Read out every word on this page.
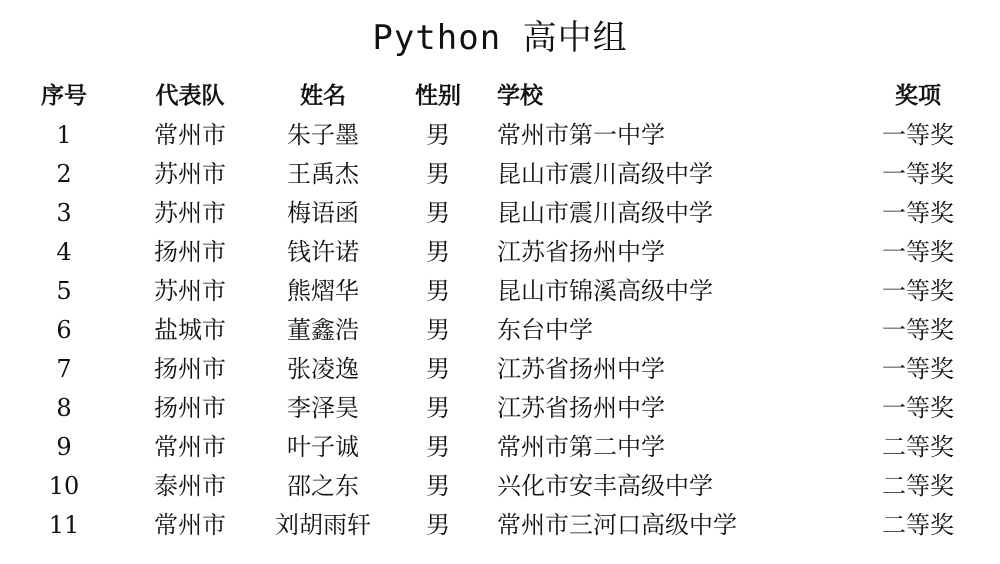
Python 高中组
序号	代表队	姓名	性别	学校	奖项
1	常州市	朱子墨	男	常州市第一中学	一等奖
2	苏州市	王禹杰	男	昆山市震川高级中学	一等奖
3	苏州市	梅语函	男	昆山市震川高级中学	一等奖
4	扬州市	钱许诺	男	江苏省扬州中学	一等奖
5	苏州市	熊熠华	男	昆山市锦溪高级中学	一等奖
6	盐城市	董鑫浩	男	东台中学	一等奖
7	扬州市	张凌逸	男	江苏省扬州中学	一等奖
8	扬州市	李泽昊	男	江苏省扬州中学	一等奖
9	常州市	叶子诚	男	常州市第二中学	二等奖
10	泰州市	邵之东	男	兴化市安丰高级中学	二等奖
11	常州市	刘胡雨轩	男	常州市三河口高级中学	二等奖
